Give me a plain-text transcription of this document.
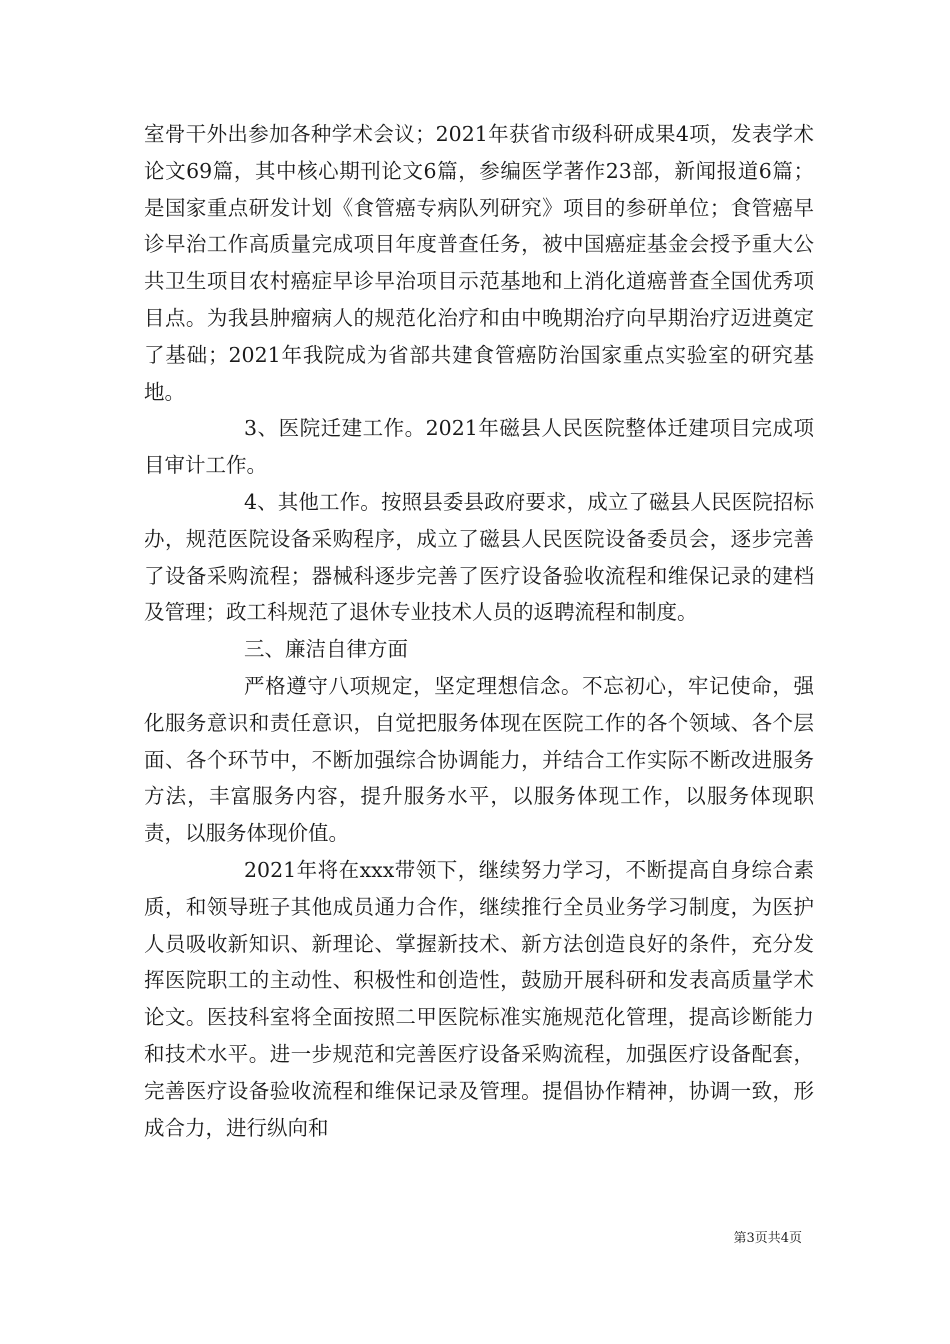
室骨干外出参加各种学术会议；2021年获省市级科研成果4项，发表学术论文69篇，其中核心期刊论文6篇，参编医学著作23部，新闻报道6篇；是国家重点研发计划《食管癌专病队列研究》项目的参研单位；食管癌早诊早治工作高质量完成项目年度普查任务，被中国癌症基金会授予重大公共卫生项目农村癌症早诊早治项目示范基地和上消化道癌普查全国优秀项目点。为我县肿瘤病人的规范化治疗和由中晚期治疗向早期治疗迈进奠定了基础；2021年我院成为省部共建食管癌防治国家重点实验室的研究基地。

3、医院迁建工作。2021年磁县人民医院整体迁建项目完成项目审计工作。

4、其他工作。按照县委县政府要求，成立了磁县人民医院招标办，规范医院设备采购程序，成立了磁县人民医院设备委员会，逐步完善了设备采购流程；器械科逐步完善了医疗设备验收流程和维保记录的建档及管理；政工科规范了退休专业技术人员的返聘流程和制度。

三、廉洁自律方面

严格遵守八项规定，坚定理想信念。不忘初心，牢记使命，强化服务意识和责任意识，自觉把服务体现在医院工作的各个领域、各个层面、各个环节中，不断加强综合协调能力，并结合工作实际不断改进服务方法，丰富服务内容，提升服务水平，以服务体现工作，以服务体现职责，以服务体现价值。

2021年将在xxx带领下，继续努力学习，不断提高自身综合素质，和领导班子其他成员通力合作，继续推行全员业务学习制度，为医护人员吸收新知识、新理论、掌握新技术、新方法创造良好的条件，充分发挥医院职工的主动性、积极性和创造性，鼓励开展科研和发表高质量学术论文。医技科室将全面按照二甲医院标准实施规范化管理，提高诊断能力和技术水平。进一步规范和完善医疗设备采购流程，加强医疗设备配套，完善医疗设备验收流程和维保记录及管理。提倡协作精神，协调一致，形成合力，进行纵向和

第3页共4页
